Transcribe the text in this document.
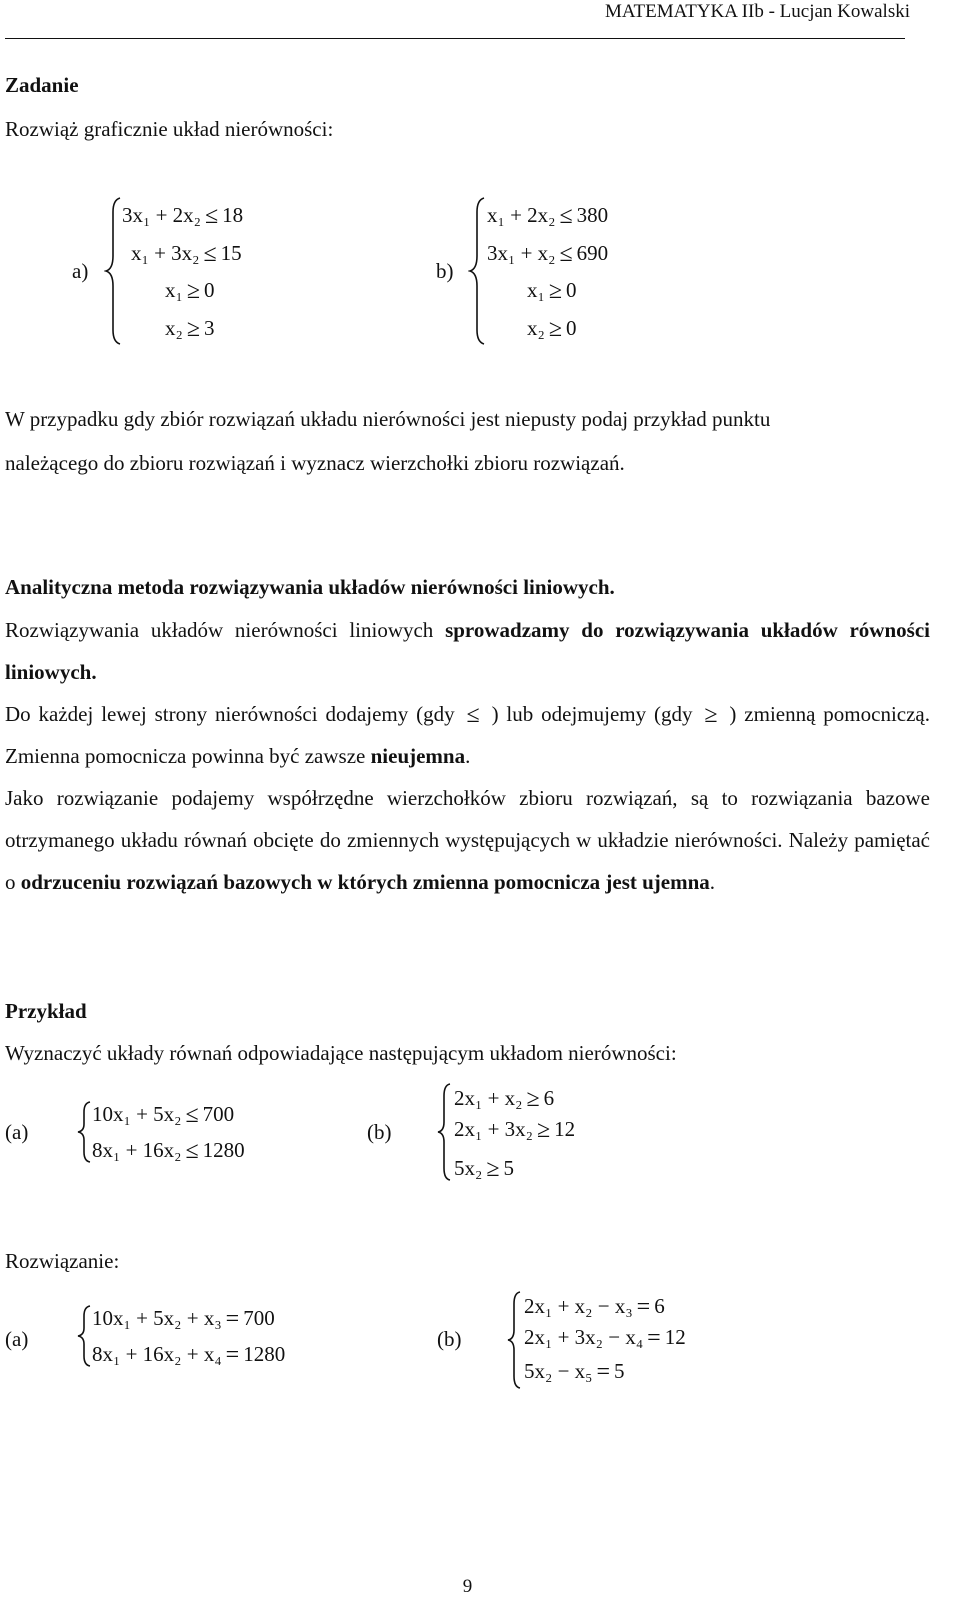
MATEMATYKA IIb - Lucjan Kowalski
Zadanie
Rozwiąż graficznie układ nierówności:
a)
3x₁ + 2x₂ ≤ 18
x₁ + 3x₂ ≤ 15
x₁ ≥ 0
x₂ ≥ 3
b)
x₁ + 2x₂ ≤ 380
3x₁ + x₂ ≤ 690
x₁ ≥ 0
x₂ ≥ 0
W przypadku gdy zbiór rozwiązań układu nierówności jest niepusty podaj przykład punktu
należącego do zbioru rozwiązań i wyznacz wierzchołki zbioru rozwiązań.
Analityczna metoda rozwiązywania układów nierówności liniowych.
Rozwiązywania układów nierówności liniowych sprowadzamy do rozwiązywania układów równości liniowych.
Do każdej lewej strony nierówności dodajemy (gdy ≤ ) lub odejmujemy (gdy ≥ ) zmienną pomocniczą. Zmienna pomocnicza powinna być zawsze nieujemna.
Jako rozwiązanie podajemy współrzędne wierzchołków zbioru rozwiązań, są to rozwiązania bazowe otrzymanego układu równań obcięte do zmiennych występujących w układzie nierówności. Należy pamiętać o odrzuceniu rozwiązań bazowych w których zmienna pomocnicza jest ujemna.
Przykład
Wyznaczyć układy równań odpowiadające następującym układom nierówności:
(a)
10x₁ + 5x₂ ≤ 700
8x₁ + 16x₂ ≤ 1280
(b)
2x₁ + x₂ ≥ 6
2x₁ + 3x₂ ≥ 12
5x₂ ≥ 5
Rozwiązanie:
(a)
10x₁ + 5x₂ + x₃ = 700
8x₁ + 16x₂ + x₄ = 1280
(b)
2x₁ + x₂ − x₃ = 6
2x₁ + 3x₂ − x₄ = 12
5x₂ − x₅ = 5
9
